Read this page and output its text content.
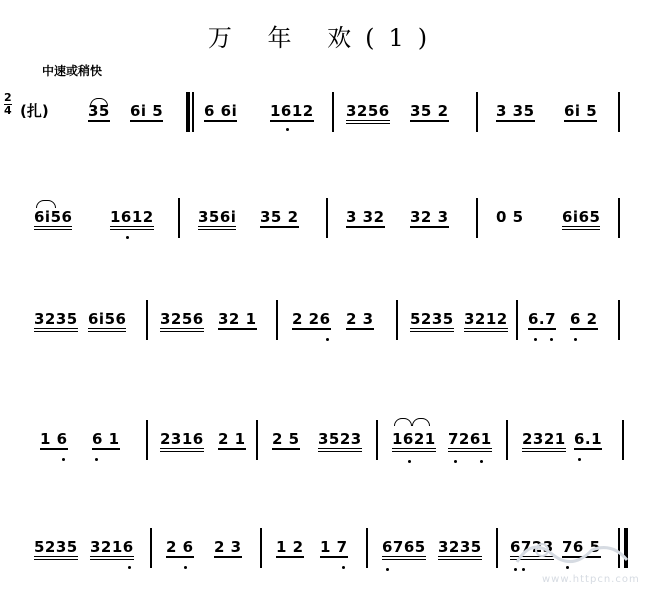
万 年 欢(1)
中速或稍快
2
4 (扎)	35 6i 5	6 6i 1612 3256 35 2	3 35 6i 5
6i56	1612	356i 35 2	3 32 32 3	0 5	6i65
3235 6i56 3256 32 1 2 26 2 3 5235 3212 6.7 6 2
1 6 6 1	2316 2 1 2 5 3523 1621 7261 2321 6.1
5235 3216 2 6 2 3 1 2 1 7 6765 3235 6723 76 5
www.httpcn.com
